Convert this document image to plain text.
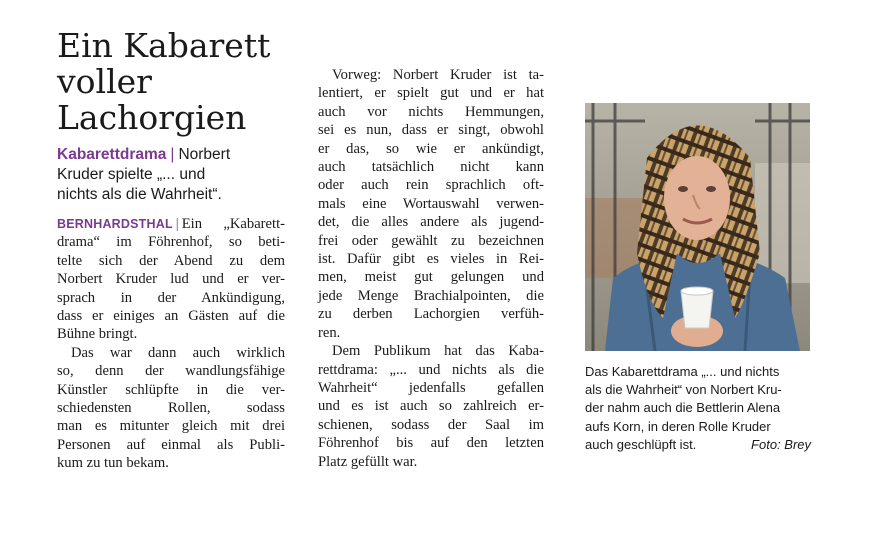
Ein Kabarett
voller
Lachorgien
Kabarettdrama | Norbert
Kruder spielte „... und
nichts als die Wahrheit“.

BERNHARDSTHAL | Ein „Kabarett-
drama“ im Föhrenhof, so beti-
telte sich der Abend zu dem
Norbert Kruder lud und er ver-
sprach in der Ankündigung,
dass er einiges an Gästen auf die
Bühne bringt.

Das war dann auch wirklich
so, denn der wandlungsfähige
Künstler schlüpfte in die ver-
schiedensten Rollen, sodass
man es mitunter gleich mit drei
Personen auf einmal als Publi-
kum zu tun bekam.

Vorweg: Norbert Kruder ist ta-
lentiert, er spielt gut und er hat
auch vor nichts Hemmungen,
sei es nun, dass er singt, obwohl
er das, so wie er ankündigt,
auch tatsächlich nicht kann
oder auch rein sprachlich oft-
mals eine Wortauswahl verwen-
det, die alles andere als jugend-
frei oder gewählt zu bezeichnen
ist. Dafür gibt es vieles in Rei-
men, meist gut gelungen und
jede Menge Brachialpointen, die
zu derben Lachorgien verfüh-
ren.

Dem Publikum hat das Kaba-
rettdrama: „... und nichts als die
Wahrheit“ jedenfalls gefallen
und es ist auch so zahlreich er-
schienen, sodass der Saal im
Föhrenhof bis auf den letzten
Platz gefüllt war.

Das Kabarettdrama „... und nichts
als die Wahrheit“ von Norbert Kru-
der nahm auch die Bettlerin Alena
aufs Korn, in deren Rolle Kruder
auch geschlüpft ist.	Foto: Brey
